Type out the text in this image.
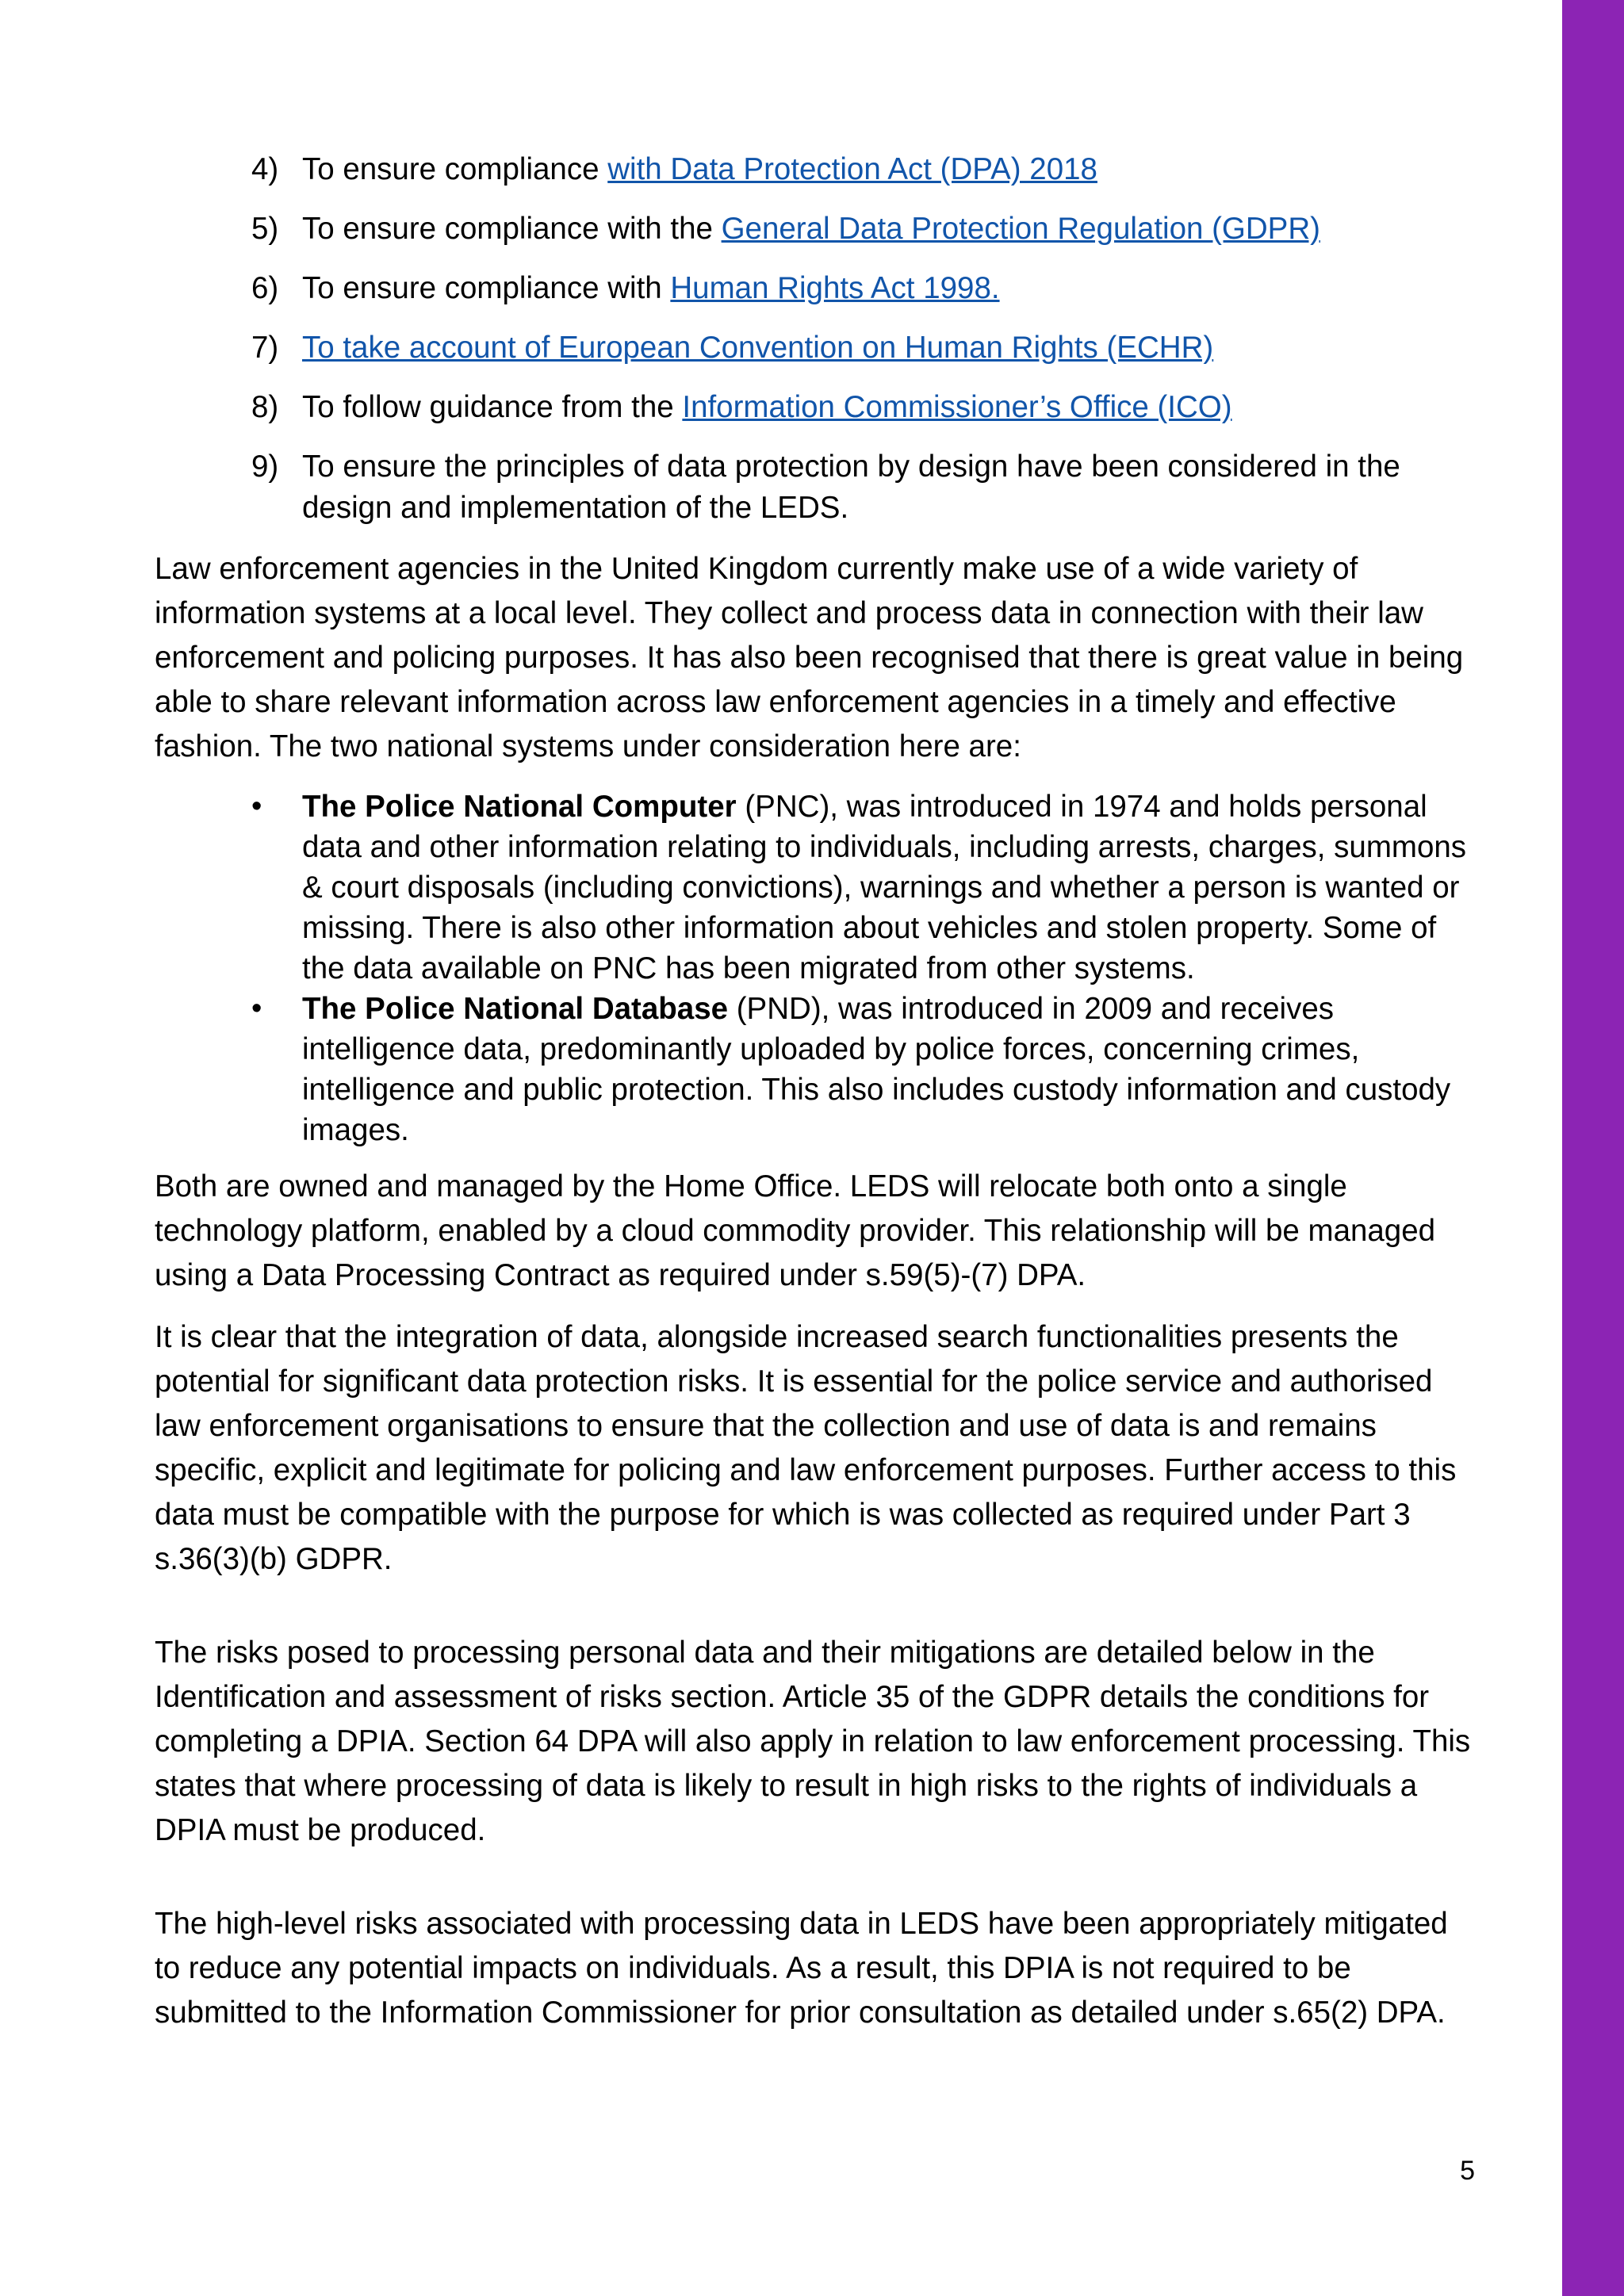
4) To ensure compliance with Data Protection Act (DPA) 2018
5) To ensure compliance with the General Data Protection Regulation (GDPR)
6) To ensure compliance with Human Rights Act 1998.
7) To take account of European Convention on Human Rights (ECHR)
8) To follow guidance from the Information Commissioner’s Office (ICO)
9) To ensure the principles of data protection by design have been considered in the design and implementation of the LEDS.

Law enforcement agencies in the United Kingdom currently make use of a wide variety of information systems at a local level. They collect and process data in connection with their law enforcement and policing purposes. It has also been recognised that there is great value in being able to share relevant information across law enforcement agencies in a timely and effective fashion. The two national systems under consideration here are:

• The Police National Computer (PNC), was introduced in 1974 and holds personal data and other information relating to individuals, including arrests, charges, summons & court disposals (including convictions), warnings and whether a person is wanted or missing. There is also other information about vehicles and stolen property. Some of the data available on PNC has been migrated from other systems.
• The Police National Database (PND), was introduced in 2009 and receives intelligence data, predominantly uploaded by police forces, concerning crimes, intelligence and public protection. This also includes custody information and custody images.

Both are owned and managed by the Home Office. LEDS will relocate both onto a single technology platform, enabled by a cloud commodity provider. This relationship will be managed using a Data Processing Contract as required under s.59(5)-(7) DPA.

It is clear that the integration of data, alongside increased search functionalities presents the potential for significant data protection risks. It is essential for the police service and authorised law enforcement organisations to ensure that the collection and use of data is and remains specific, explicit and legitimate for policing and law enforcement purposes. Further access to this data must be compatible with the purpose for which is was collected as required under Part 3 s.36(3)(b) GDPR.

The risks posed to processing personal data and their mitigations are detailed below in the Identification and assessment of risks section. Article 35 of the GDPR details the conditions for completing a DPIA. Section 64 DPA will also apply in relation to law enforcement processing. This states that where processing of data is likely to result in high risks to the rights of individuals a DPIA must be produced.

The high-level risks associated with processing data in LEDS have been appropriately mitigated to reduce any potential impacts on individuals. As a result, this DPIA is not required to be submitted to the Information Commissioner for prior consultation as detailed under s.65(2) DPA.

5
